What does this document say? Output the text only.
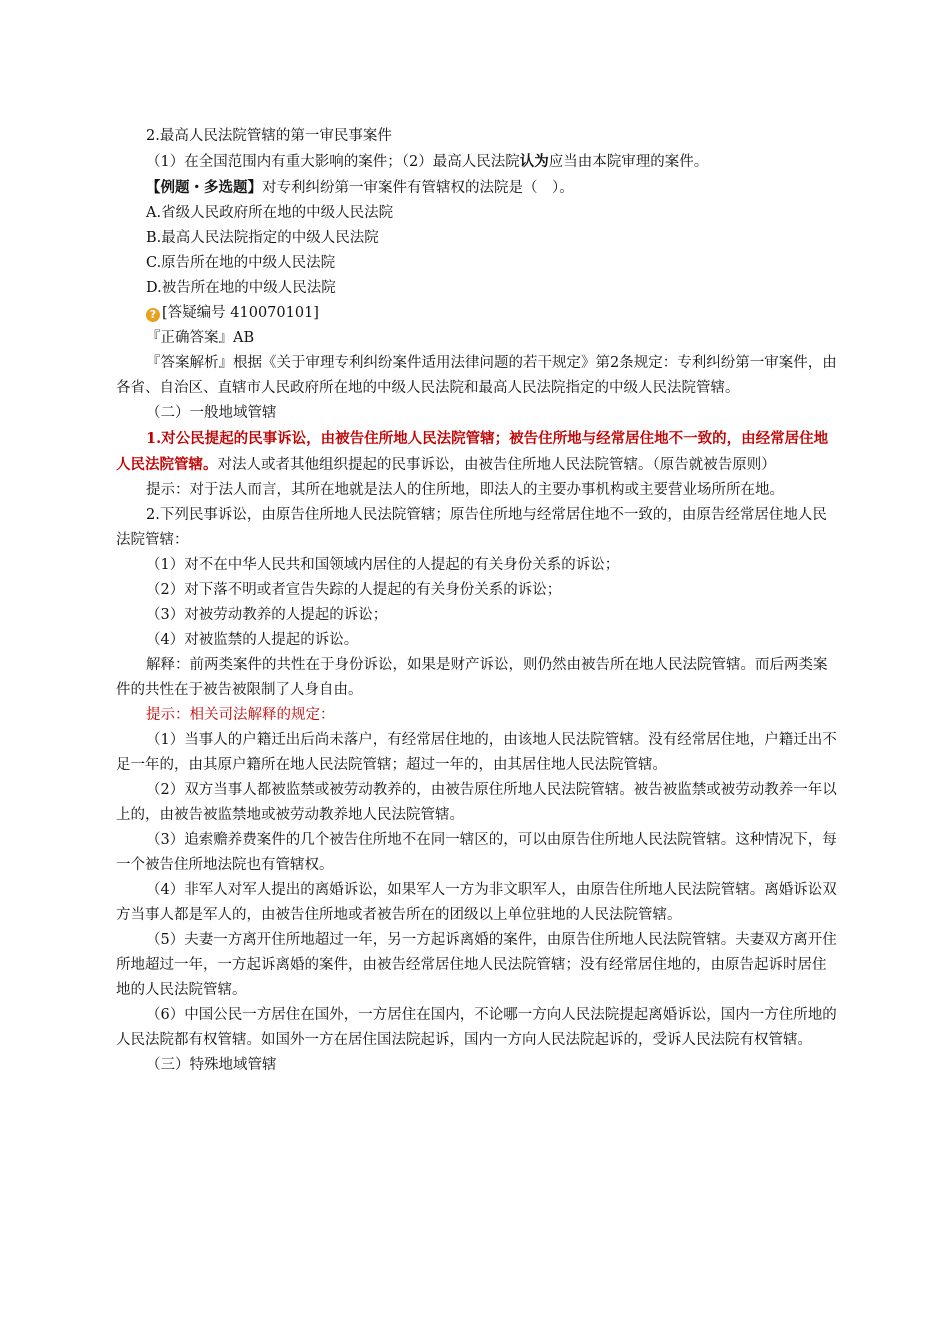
2.最高人民法院管辖的第一审民事案件

（1）在全国范围内有重大影响的案件；（2）最高人民法院认为应当由本院审理的案件。

【例题・多选题】对专利纠纷第一审案件有管辖权的法院是（　）。

A.省级人民政府所在地的中级人民法院

B.最高人民法院指定的中级人民法院

C.原告所在地的中级人民法院

D.被告所在地的中级人民法院

? [答疑编号 410070101]

『正确答案』AB

『答案解析』根据《关于审理专利纠纷案件适用法律问题的若干规定》第2条规定：专利纠纷第一审案件，由各省、自治区、直辖市人民政府所在地的中级人民法院和最高人民法院指定的中级人民法院管辖。

（二）一般地域管辖

1.对公民提起的民事诉讼，由被告住所地人民法院管辖；被告住所地与经常居住地不一致的，由经常居住地人民法院管辖。对法人或者其他组织提起的民事诉讼，由被告住所地人民法院管辖。（原告就被告原则）

提示：对于法人而言，其所在地就是法人的住所地，即法人的主要办事机构或主要营业场所所在地。

2.下列民事诉讼，由原告住所地人民法院管辖；原告住所地与经常居住地不一致的，由原告经常居住地人民法院管辖：

（1）对不在中华人民共和国领域内居住的人提起的有关身份关系的诉讼；

（2）对下落不明或者宣告失踪的人提起的有关身份关系的诉讼；

（3）对被劳动教养的人提起的诉讼；

（4）对被监禁的人提起的诉讼。

解释：前两类案件的共性在于身份诉讼，如果是财产诉讼，则仍然由被告所在地人民法院管辖。而后两类案件的共性在于被告被限制了人身自由。

提示：相关司法解释的规定：

（1）当事人的户籍迁出后尚未落户，有经常居住地的，由该地人民法院管辖。没有经常居住地，户籍迁出不足一年的，由其原户籍所在地人民法院管辖；超过一年的，由其居住地人民法院管辖。

（2）双方当事人都被监禁或被劳动教养的，由被告原住所地人民法院管辖。被告被监禁或被劳动教养一年以上的，由被告被监禁地或被劳动教养地人民法院管辖。

（3）追索赡养费案件的几个被告住所地不在同一辖区的，可以由原告住所地人民法院管辖。这种情况下，每一个被告住所地法院也有管辖权。

（4）非军人对军人提出的离婚诉讼，如果军人一方为非文职军人，由原告住所地人民法院管辖。离婚诉讼双方当事人都是军人的，由被告住所地或者被告所在的团级以上单位驻地的人民法院管辖。

（5）夫妻一方离开住所地超过一年，另一方起诉离婚的案件，由原告住所地人民法院管辖。夫妻双方离开住所地超过一年，一方起诉离婚的案件，由被告经常居住地人民法院管辖；没有经常居住地的，由原告起诉时居住地的人民法院管辖。

（6）中国公民一方居住在国外，一方居住在国内，不论哪一方向人民法院提起离婚诉讼，国内一方住所地的人民法院都有权管辖。如国外一方在居住国法院起诉，国内一方向人民法院起诉的，受诉人民法院有权管辖。

（三）特殊地域管辖
